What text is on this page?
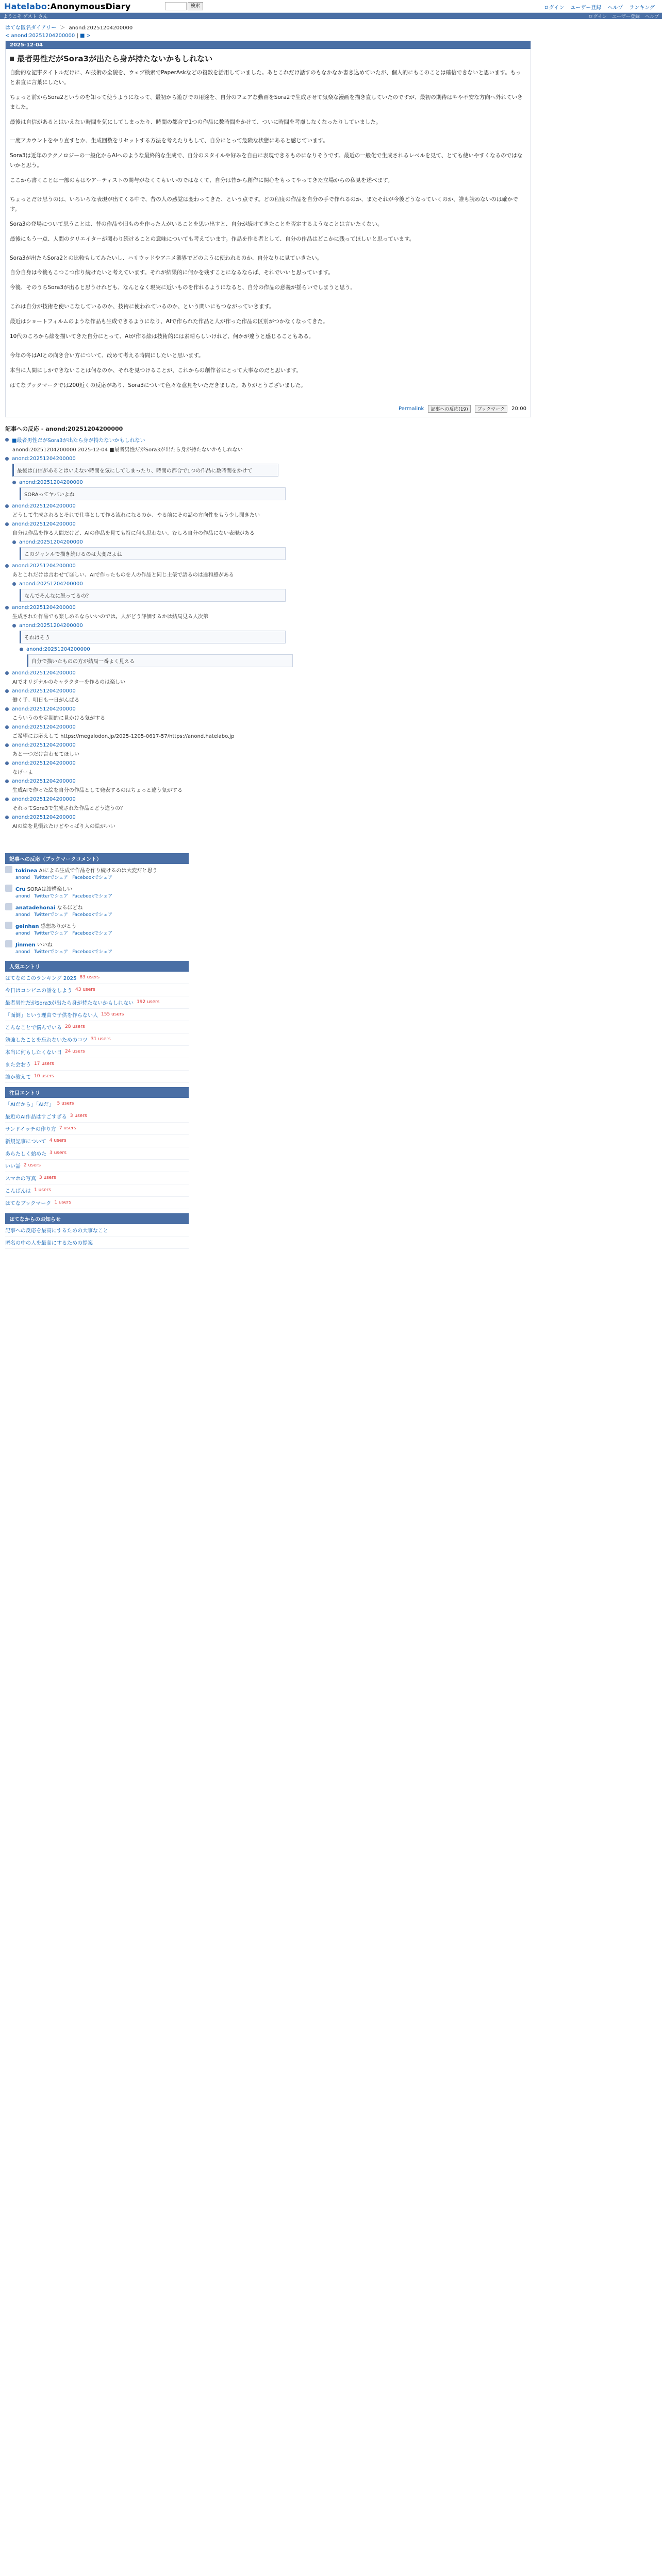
Hatelabo:AnonymousDiary	検索	ログイン ユーザー登録 ヘルプ ランキング
ようこそ ゲスト さん	ログイン ユーザー登録 ヘルプ
はてな匿名ダイアリー ＞ anond:20251204200000
< anond:20251204200000 | ■ >
2025-12-04
最者男性だがSora3が出たら身が持たないかもしれない

自動的な記事タイトルだけに、AI技術の全貌を、ウェブ検索でPaperAskなどの複数を活用していました。あとこれだけ話すのもなかなか書き込めていたが、個人的にもこのことは確信できないと思います。もっと素直に言葉にしたい。

ちょっと前からSora2というのを知って使うようになって、最初から遊びでの用途を、自分のフェアな動画をSora2で生成させて気楽な漫画を描き直していたのですが、最初の期待はやや不安な方向へ外れていきました。

最後は自信があるとはいえない時間を気にしてしまったり、時間の都合で1つの作品に数時間をかけて、ついに時間を考慮しなくなったりしていました。

一度アカウントをやり直すとか、生成回数をリセットする方法を考えたりもして、自分にとって危険な状態にあると感じています。

Sora3は近年のテクノロジーの一般化からAIへのような最終的な生成で、自分のスタイルや好みを自由に表現できるものになりそうです。最近の一般化で生成されるレベルを見て、とても使いやすくなるのではないかと思う。

ここから書くことは一部のもはやアーティストの関与がなくてもいいのではなくて、自分は昔から創作に関心をもってやってきた立場からの私見を述べます。

ちょっとだけ思うのは、いろいろな表現が出てくる中で、昔の人の感覚は変わってきた、という点です。どの程度の作品を自分の手で作れるのか、またそれが今後どうなっていくのか、誰も読めないのは確かです。

Sora3の登場について思うことは、昔の作品や旧ものを作った人がいることを思い出すと、自分が続けてきたことを否定するようなことは言いたくない。

最後にもう一点、人間のクリエイターが関わり続けることの意味についても考えています。作品を作る者として、自分の作品はどこかに残ってほしいと思っています。

Sora3が出たらSora2との比較もしてみたいし、ハリウッドやアニメ業界でどのように使われるのか、自分なりに見ていきたい。

自分自身は今後もこつこつ作り続けたいと考えています。それが結果的に何かを残すことになるならば、それでいいと思っています。

今後、そのうちSora3が出ると思うけれども、なんとなく現実に近いものを作れるようになると、自分の作品の意義が揺らいでしまうと思う。

これは自分が技術を使いこなしているのか、技術に使われているのか、という問いにもつながっていきます。

最近はショートフィルムのような作品も生成できるようになり、AIで作られた作品と人が作った作品の区別がつかなくなってきた。

10代のころから絵を描いてきた自分にとって、AIが作る絵は技術的には素晴らしいけれど、何かが違うと感じることもある。

今年の冬はAIとの向き合い方について、改めて考える時間にしたいと思います。

本当に人間にしかできないことは何なのか、それを見つけることが、これからの創作者にとって大事なのだと思います。

はてなブックマークでは200近くの反応があり、Sora3について色々な意見をいただきました。ありがとうございました。

Permalink	記事への反応(19)	ブックマーク	20:00
記事への反応 - anond:20251204200000
■最者男性だがSora3が出たら身が持たないかもしれない
anond:20251204200000 2025-12-04 ■最者男性だがSora3が出たら身が持たないかもしれない
anond:20251204200000
最後は自信があるとはいえない時間を気にしてしまったり、時間の都合で1つの作品に数時間をかけて
anond:20251204200000
SORAってヤバいよね
anond:20251204200000
どうして生成されるとそれで仕事として作る流れになるのか、やる前にその話の方向性をもう少し聞きたい
anond:20251204200000
自分は作品を作る人間だけど、AIの作品を見ても特に何も思わない。むしろ自分の作品にない表現がある
anond:20251204200000
このジャンルで描き続けるのは大変だよね
anond:20251204200000
あとこれだけは言わせてほしい、AIで作ったものを人の作品と同じ土俵で語るのは違和感がある
anond:20251204200000
なんでそんなに怒ってるの？
anond:20251204200000
生成された作品でも楽しめるならいいのでは。人がどう評価するかは結局見る人次第
anond:20251204200000
それはそう
anond:20251204200000
自分で描いたものの方が結局一番よく見える
anond:20251204200000
AIでオリジナルのキャラクターを作るのは楽しい
anond:20251204200000
働く手。明日も一日がんばる
anond:20251204200000
こういうのを定期的に見かける気がする
anond:20251204200000
ご希望にお応えして https://megalodon.jp/2025-1205-0617-57/https://anond.hatelabo.jp
anond:20251204200000
あと一つだけ言わせてほしい
anond:20251204200000
なげーよ
anond:20251204200000
生成AIで作った絵を自分の作品として発表するのはちょっと違う気がする
anond:20251204200000
それってSora3で生成された作品とどう違うの？
anond:20251204200000
AIの絵を見慣れたけどやっぱり人の絵がいい
記事への反応（ブックマークコメント）
tokinea AIによる生成で作品を作り続けるのは大変だと思う
anond Twitterでシェア Facebookでシェア
Cru SORAは結構楽しい
anond Twitterでシェア Facebookでシェア
anatadehonai なるほどね
anond Twitterでシェア Facebookでシェア
geinhan 感想ありがとう
anond Twitterでシェア Facebookでシェア
Jinmen いいね
anond Twitterでシェア Facebookでシェア
人気エントリ
はてなのこのランキング 2025 83 users
今日はコンビニの話をしよう 43 users
最者男性だがSora3が出たら身が持たないかもしれない 192 users
「面倒」という理由で子供を作らない人 155 users
こんなことで悩んでいる 28 users
勉強したことを忘れないためのコツ 31 users
本当に何もしたくない日 24 users
また会おう 17 users
誰か教えて 10 users
注目エントリ
「AIだから」「AIだ」 5 users
最近のAI作品はすごすぎる 3 users
サンドイッチの作り方 7 users
新規記事について 4 users
あらたしく始めた 3 users
いい話 2 users
スマホの写真 3 users
こんばんは 1 users
はてなブックマーク 1 users
はてなからのお知らせ
記事への反応を最高にするための大事なこと
匿名の中の人を最高にするための提案
